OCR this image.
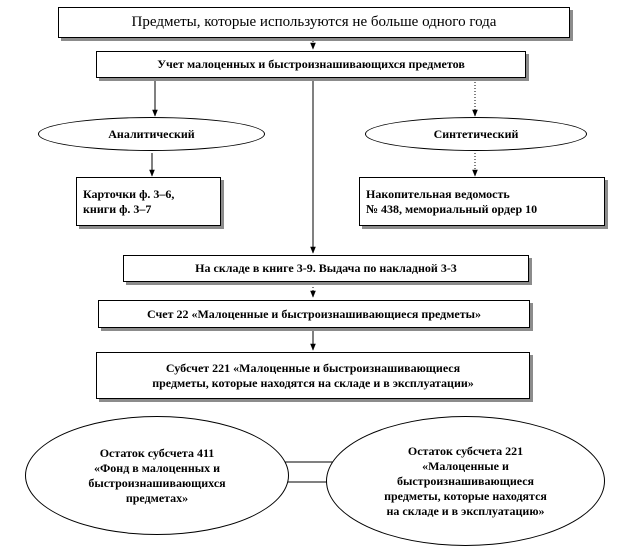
Предметы, которые используются не больше одного года
Учет малоценных и быстроизнашивающихся предметов
Аналитический	Синтетический
Карточки ф. 3–6,
книги ф. 3–7
Накопительная ведомость
№ 438, мемориальный ордер 10
На складе в книге 3-9. Выдача по накладной 3-3
Счет 22 «Малоценные и быстроизнашивающиеся предметы»
Субсчет 221 «Малоценные и быстроизнашивающиеся
предметы, которые находятся на складе и в эксплуатации»
Остаток субсчета 411
«Фонд в малоценных и
быстроизнашивающихся
предметах»
Остаток субсчета 221
«Малоценные и
быстроизнашивающиеся
предметы, которые находятся
на складе и в эксплуатацию»
